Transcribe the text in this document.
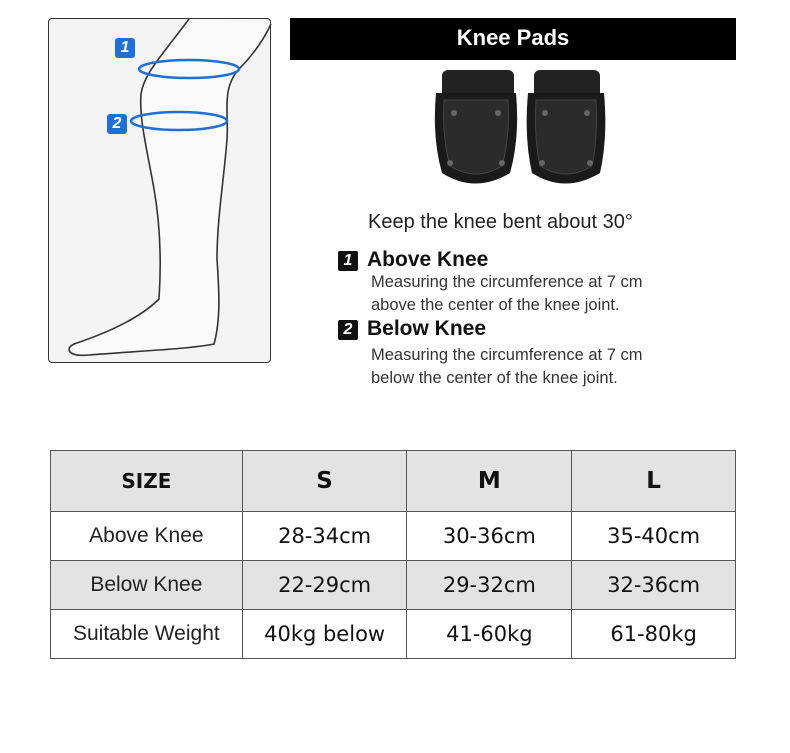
1
2
Knee Pads
Keep the knee bent about 30°
1 Above Knee
Measuring the circumference at 7 cm
above the center of the knee joint.
2 Below Knee
Measuring the circumference at 7 cm
below the center of the knee joint.
SIZE	S	M	L
Above Knee	28-34cm	30-36cm	35-40cm
Below Knee	22-29cm	29-32cm	32-36cm
Suitable Weight	40kg below	41-60kg	61-80kg
